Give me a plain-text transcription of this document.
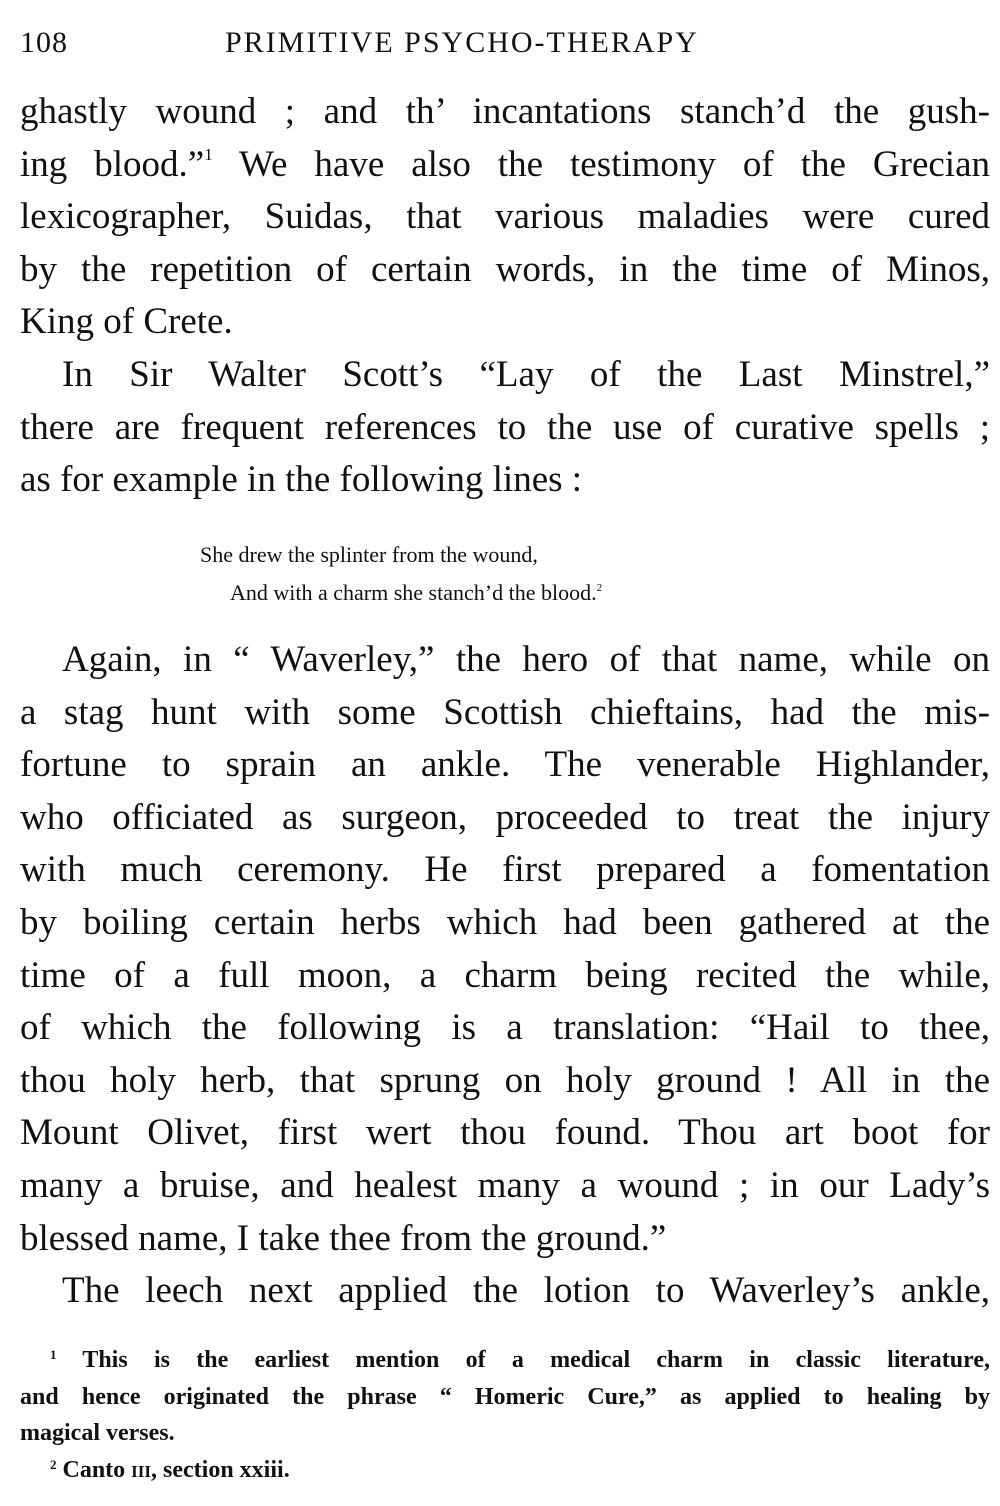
108	PRIMITIVE PSYCHO-THERAPY
ghastly wound ; and th’ incantations stanch’d the gush-
ing blood.”$^1$ We have also the testimony of the Grecian
lexicographer, Suidas, that various maladies were cured
by the repetition of certain words, in the time of Minos,
King of Crete.
In Sir Walter Scott’s “Lay of the Last Minstrel,”
there are frequent references to the use of curative spells ;
as for example in the following lines :
She drew the splinter from the wound,
And with a charm she stanch’d the blood.$^2$
Again, in “ Waverley,” the hero of that name, while on
a stag hunt with some Scottish chieftains, had the mis-
fortune to sprain an ankle. The venerable Highlander,
who officiated as surgeon, proceeded to treat the injury
with much ceremony. He first prepared a fomentation
by boiling certain herbs which had been gathered at the
time of a full moon, a charm being recited the while,
of which the following is a translation: “Hail to thee,
thou holy herb, that sprung on holy ground ! All in the
Mount Olivet, first wert thou found. Thou art boot for
many a bruise, and healest many a wound ; in our Lady’s
blessed name, I take thee from the ground.”
The leech next applied the lotion to Waverley’s ankle,
$^1$ This is the earliest mention of a medical charm in classic literature,
and hence originated the phrase “ Homeric Cure,” as applied to healing by
magical verses.
$^2$ Canto iii, section xxiii.
